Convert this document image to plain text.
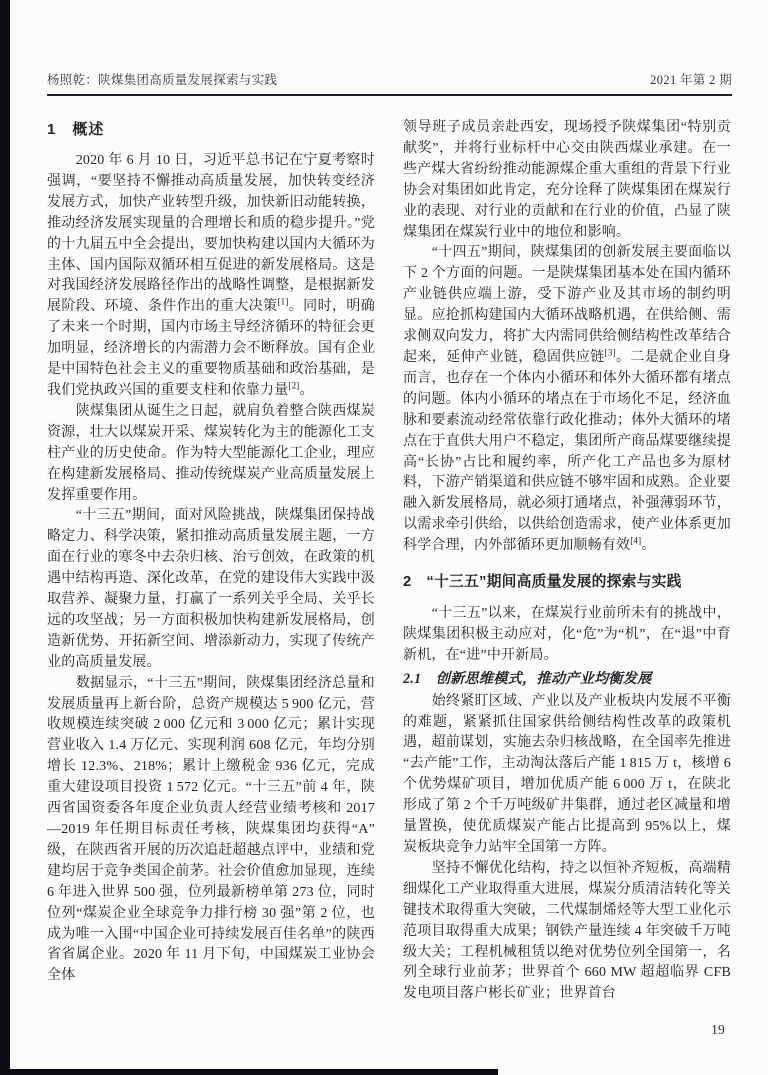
杨照乾：陕煤集团高质量发展探索与实践	2021 年第 2 期
1　概述

2020 年 6 月 10 日，习近平总书记在宁夏考察时强调，“要坚持不懈推动高质量发展，加快转变经济发展方式，加快产业转型升级，加快新旧动能转换，推动经济发展实现量的合理增长和质的稳步提升。”党的十九届五中全会提出，要加快构建以国内大循环为主体、国内国际双循环相互促进的新发展格局。这是对我国经济发展路径作出的战略性调整，是根据新发展阶段、环境、条件作出的重大决策[1]。同时，明确了未来一个时期，国内市场主导经济循环的特征会更加明显，经济增长的内需潜力会不断释放。国有企业是中国特色社会主义的重要物质基础和政治基础，是我们党执政兴国的重要支柱和依靠力量[2]。

陕煤集团从诞生之日起，就肩负着整合陕西煤炭资源，壮大以煤炭开采、煤炭转化为主的能源化工支柱产业的历史使命。作为特大型能源化工企业，理应在构建新发展格局、推动传统煤炭产业高质量发展上发挥重要作用。

“十三五”期间，面对风险挑战，陕煤集团保持战略定力、科学决策，紧扣推动高质量发展主题，一方面在行业的寒冬中去杂归核、治亏创效，在政策的机遇中结构再造、深化改革，在党的建设伟大实践中汲取营养、凝聚力量，打赢了一系列关乎全局、关乎长远的攻坚战；另一方面积极加快构建新发展格局，创造新优势、开拓新空间、增添新动力，实现了传统产业的高质量发展。

数据显示，“十三五”期间，陕煤集团经济总量和发展质量再上新台阶，总资产规模达 5 900 亿元，营收规模连续突破 2 000 亿元和 3 000 亿元；累计实现营业收入 1.4 万亿元、实现利润 608 亿元，年均分别增长 12.3%、218%；累计上缴税金 936 亿元，完成重大建设项目投资 1 572 亿元。“十三五”前 4 年，陕西省国资委各年度企业负责人经营业绩考核和 2017—2019 年任期目标责任考核，陕煤集团均获得“A”级，在陕西省开展的历次追赶超越点评中，业绩和党建均居于竞争类国企前茅。社会价值愈加显现，连续 6 年进入世界 500 强，位列最新榜单第 273 位，同时位列“煤炭企业全球竞争力排行榜 30 强”第 2 位，也成为唯一入围“中国企业可持续发展百佳名单”的陕西省省属企业。2020 年 11 月下旬，中国煤炭工业协会全体

领导班子成员亲赴西安，现场授予陕煤集团“特别贡献奖”，并将行业标杆中心交由陕西煤业承建。在一些产煤大省纷纷推动能源煤企重大重组的背景下行业协会对集团如此肯定，充分诠释了陕煤集团在煤炭行业的表现、对行业的贡献和在行业的价值，凸显了陕煤集团在煤炭行业中的地位和影响。

“十四五”期间，陕煤集团的创新发展主要面临以下 2 个方面的问题。一是陕煤集团基本处在国内循环产业链供应端上游，受下游产业及其市场的制约明显。应抢抓构建国内大循环战略机遇，在供给侧、需求侧双向发力，将扩大内需同供给侧结构性改革结合起来，延伸产业链，稳固供应链[3]。二是就企业自身而言，也存在一个体内小循环和体外大循环都有堵点的问题。体内小循环的堵点在于市场化不足，经济血脉和要素流动经常依靠行政化推动；体外大循环的堵点在于直供大用户不稳定，集团所产商品煤要继续提高“长协”占比和履约率，所产化工产品也多为原材料，下游产销渠道和供应链不够牢固和成熟。企业要融入新发展格局，就必须打通堵点，补强薄弱环节，以需求牵引供给，以供给创造需求，使产业体系更加科学合理，内外部循环更加顺畅有效[4]。

2　“十三五”期间高质量发展的探索与实践

“十三五”以来，在煤炭行业前所未有的挑战中，陕煤集团积极主动应对，化“危”为“机”，在“退”中育新机，在“进”中开新局。

2.1　创新思维模式，推动产业均衡发展

始终紧盯区域、产业以及产业板块内发展不平衡的难题，紧紧抓住国家供给侧结构性改革的政策机遇，超前谋划，实施去杂归核战略，在全国率先推进“去产能”工作，主动淘汰落后产能 1 815 万 t，核增 6 个优势煤矿项目，增加优质产能 6 000 万 t，在陕北形成了第 2 个千万吨级矿井集群，通过老区减量和增量置换，使优质煤炭产能占比提高到 95%以上，煤炭板块竞争力站牢全国第一方阵。

坚持不懈优化结构，持之以恒补齐短板，高端精细煤化工产业取得重大进展，煤炭分质清洁转化等关键技术取得重大突破，二代煤制烯烃等大型工业化示范项目取得重大成果；钢铁产量连续 4 年突破千万吨级大关；工程机械租赁以绝对优势位列全国第一，名列全球行业前茅；世界首个 660 MW 超超临界 CFB 发电项目落户彬长矿业；世界首台

19
